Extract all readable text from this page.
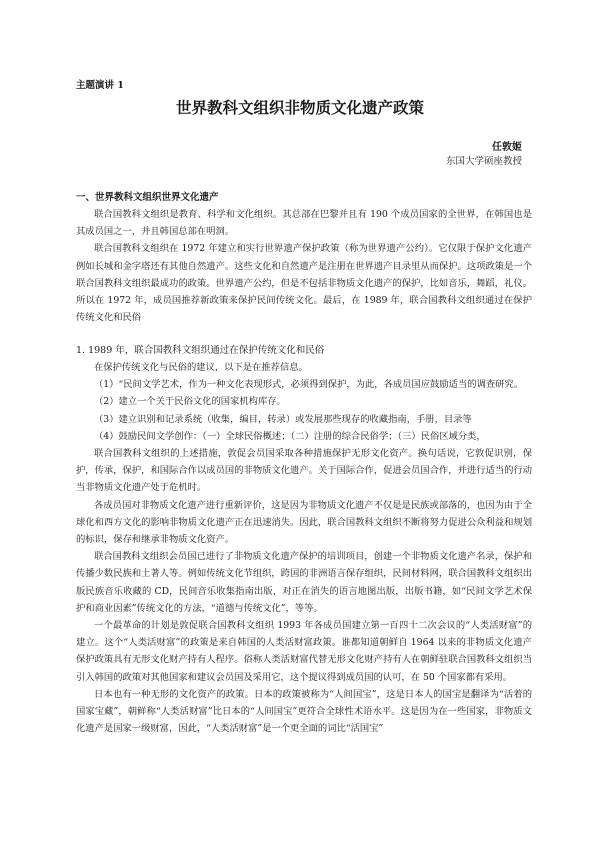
主题演讲 1
世界教科文组织非物质文化遗产政策
任敦姬
东国大学硕座教授
一、世界教科文组织世界文化遗产

联合国教科文组织是教育、科学和文化组织。其总部在巴黎并且有 190 个成员国家的全世界，在韩国也是其成员国之一，并且韩国总部在明洞。

联合国教科文组织在 1972 年建立和实行世界遗产保护政策（称为世界遗产公约）。它仅限于保护文化遗产例如长城和金字塔还有其他自然遗产。这些文化和自然遗产是注册在世界遗产目录里从而保护。这项政策是一个联合国教科文组织最成功的政策。世界遗产公约，但是不包括非物质文化遗产的保护，比如音乐，舞蹈，礼仪。所以在 1972 年，成员国推荐新政策来保护民间传统文化。最后，在 1989 年，联合国教科文组织通过在保护传统文化和民俗

1. 1989 年，联合国教科文组织通过在保护传统文化和民俗

在保护传统文化与民俗的建议，以下是在推荐信息。

（1）“民间文学艺术，作为一种文化表现形式，必须得到保护，为此，各成员国应鼓励适当的调查研究。
（2）建立一个关于民俗文化的国家机构库存。
（3）建立识别和记录系统（收集，编目，转录）或发展那些现存的收藏指南，手册，目录等
（4）鼓励民间文学创作：（一）全球民俗概述；（二）注册的综合民俗学；（三）民俗区域分类，

联合国教科文组织的上述措施，敦促会员国采取各种措施保护无形文化资产。换句话说，它敦促识别，保护，传承，保护，和国际合作以成员国的非物质文化遗产。关于国际合作，促进会员国合作，并进行适当的行动当非物质文化遗产处于危机时。

各成员国对非物质文化遗产进行重新评价，这是因为非物质文化遗产不仅是是民族或部落的，也因为由于全球化和西方文化的影响非物质文化遗产正在迅速消失。因此，联合国教科文组织不断将努力促进公众利益和规划的标识，保存和继承非物质文化资产。

联合国教科文组织会员国已进行了非物质文化遗产保护的培训项目，创建一个非物质文化遗产名录，保护和传播少数民族和土著人等。例如传统文化节组织，跨国的非洲语言保存组织，民间材料网，联合国教科文组织出版民族音乐收藏的 CD，民间音乐收集指南出版，对正在消失的语言地图出版，出版书籍，如“民间文学艺术保护和商业因素”传统文化的方法，“道德与传统文化”，等等。

一个最革命的计划是敦促联合国教科文组织 1993 年各成员国建立第一百四十二次会议的“人类活财富”的建立。这个“人类活财富”的政策是来自韩国的人类活财富政策。谁都知道朝鲜自 1964 以来的非物质文化遗产保护政策具有无形文化财产持有人程序。俗称人类活财富代替无形文化财产持有人在朝鲜驻联合国教科文组织当引入韩国的政策对其他国家和建议会员国及采用它，这个提议得到成员国的认可，在 50 个国家都有采用。

日本也有一种无形的文化资产的政策。日本的政策被称为“人间国宝”，这是日本人的国宝是翻译为“活着的国家宝藏”，朝鲜称“人类活财富”比日本的“人间国宝”更符合全球性术语水平。这是因为在一些国家，非物质文化遗产是国家一级财富，因此，“人类活财富”是一个更全面的词比“活国宝”
